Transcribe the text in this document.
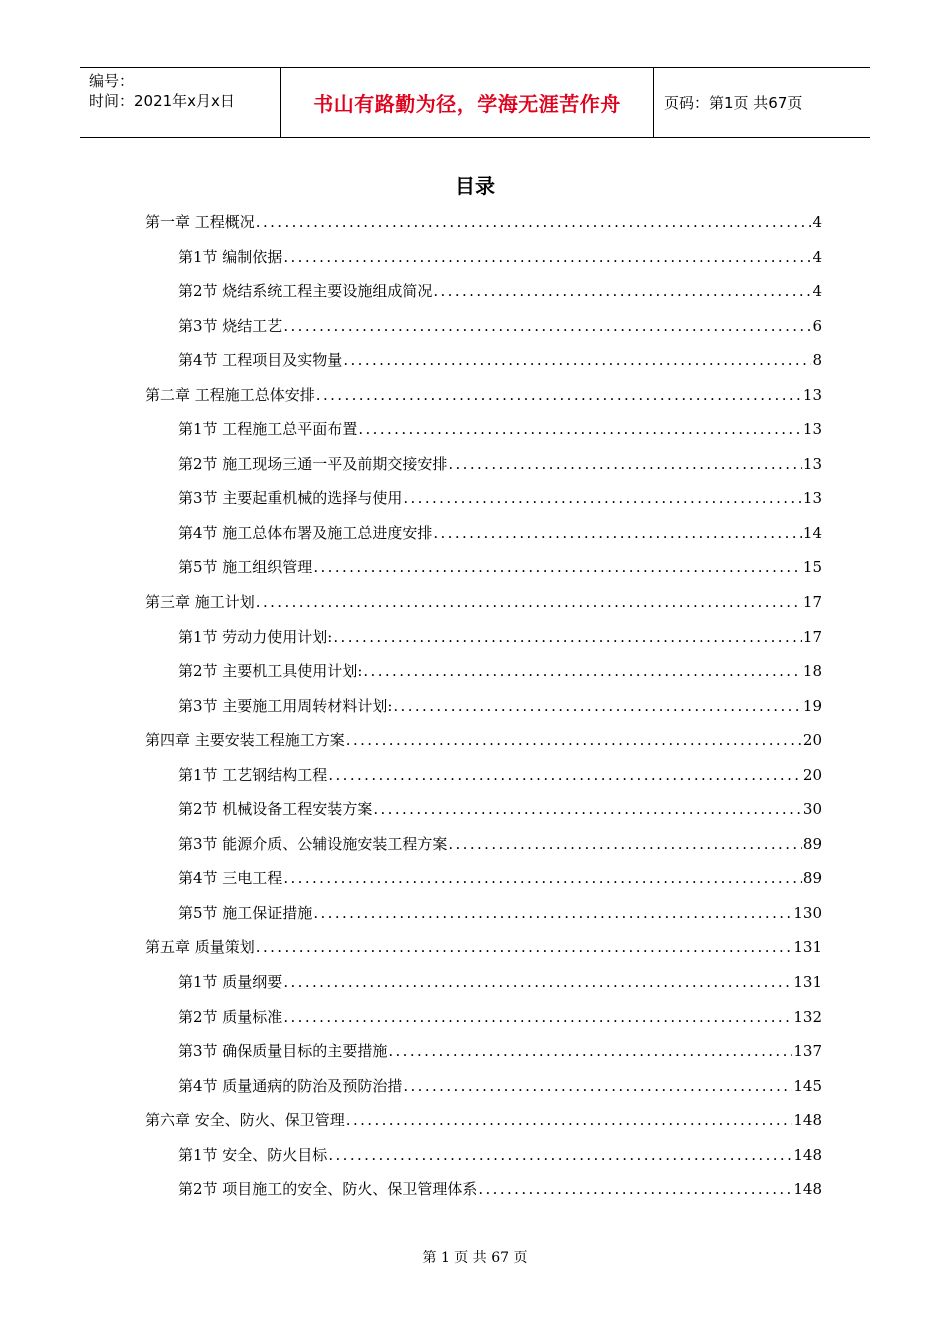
编号：
时间：2021年x月x日	书山有路勤为径，学海无涯苦作舟	页码：第1页 共67页
目录
第一章 工程概况 .....	4
第1节 编制依据 .....	4
第2节 烧结系统工程主要设施组成简况 .....	4
第3节 烧结工艺 .....	6
第4节 工程项目及实物量 .....	8
第二章 工程施工总体安排 .....	13
第1节 工程施工总平面布置 .....	13
第2节 施工现场三通一平及前期交接安排 .....	13
第3节 主要起重机械的选择与使用 .....	13
第4节 施工总体布署及施工总进度安排 .....	14
第5节 施工组织管理 .....	15
第三章 施工计划 .....	17
第1节 劳动力使用计划: .....	17
第2节 主要机工具使用计划: .....	18
第3节 主要施工用周转材料计划: .....	19
第四章 主要安装工程施工方案 .....	20
第1节 工艺钢结构工程 .....	20
第2节 机械设备工程安装方案 .....	30
第3节 能源介质、公辅设施安装工程方案 .....	89
第4节 三电工程 .....	89
第5节 施工保证措施 .....	130
第五章 质量策划 .....	131
第1节 质量纲要 .....	131
第2节 质量标准 .....	132
第3节 确保质量目标的主要措施 .....	137
第4节 质量通病的防治及预防治措 .....	145
第六章 安全、防火、保卫管理 .....	148
第1节 安全、防火目标 .....	148
第2节 项目施工的安全、防火、保卫管理体系 .....	148
第 1 页 共 67 页
